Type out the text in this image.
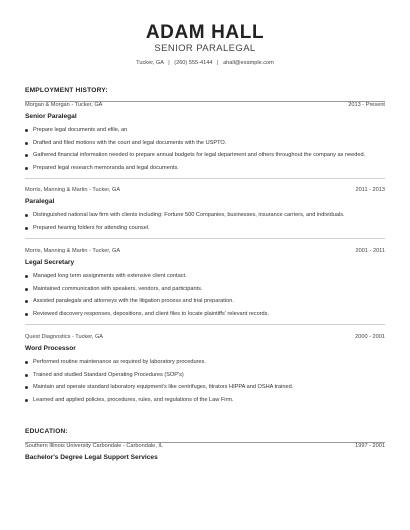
ADAM HALL
SENIOR PARALEGAL
Tucker, GA | (260) 555-4144 | ahall@example.com
EMPLOYMENT HISTORY:
Morgan & Morgan - Tucker, GA	2013 - Present
Senior Paralegal
Prepare legal documents and efile, an
Drafted and filed motions with the court and legal documents with the USPTO.
Gathered financial information needed to prepare annual budgets for legal department and others throughout the company as needed.
Prepared legal research memoranda and legal documents.
Morris, Manning & Martin - Tucker, GA	2011 - 2013
Paralegal
Distinguished national law firm with clients including: Fortune 500 Companies, businesses, insurance carriers, and individuals.
Prepared hearing folders for attending counsel.
Morris, Manning & Martin - Tucker, GA	2001 - 2011
Legal Secretary
Managed long term assignments with extensive client contact.
Maintained communication with speakers, vendors, and participants.
Assisted paralegals and attorneys with the litigation process and trial preparation.
Reviewed discovery responses, depositions, and client files to locate plaintiffs' relevant records.
Quest Diagnostics - Tucker, GA	2000 - 2001
Word Processor
Performed routine maintenance as required by laboratory procedures.
Trained and studied Standard Operating Procedures (SOP's)
Maintain and operate standard laboratory equipment's like centrifuges, titrators HIPPA and OSHA trained.
Learned and applied policies, procedures, rules, and regulations of the Law Firm.
EDUCATION:
Southern Illinois University Carbondale - Carbondale, IL	1997 - 2001
Bachelor's Degree Legal Support Services
